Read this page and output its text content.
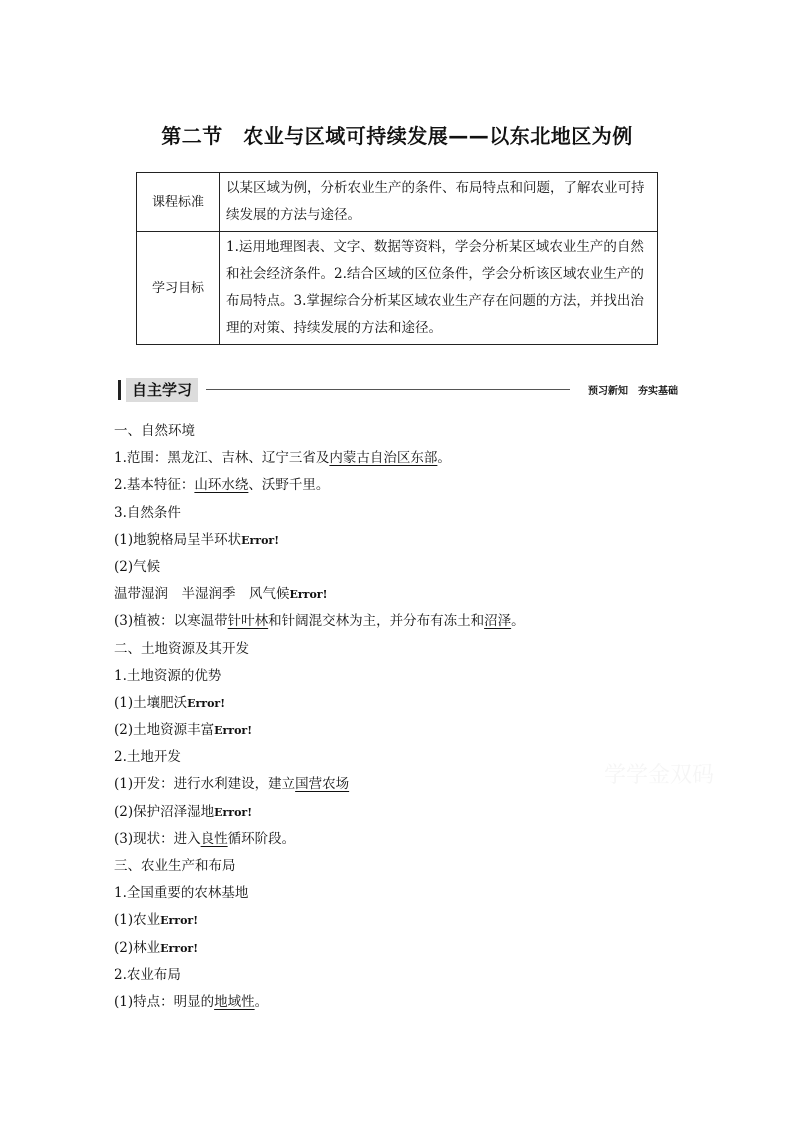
第二节　农业与区域可持续发展——以东北地区为例
课程标准	以某区域为例，分析农业生产的条件、布局特点和问题，了解农业可持续发展的方法与途径。
学习目标	1.运用地理图表、文字、数据等资料，学会分析某区域农业生产的自然和社会经济条件。2.结合区域的区位条件，学会分析该区域农业生产的布局特点。3.掌握综合分析某区域农业生产存在问题的方法，并找出治理的对策、持续发展的方法和途径。
自主学习	预习新知　夯实基础
一、自然环境
1.范围：黑龙江、吉林、辽宁三省及内蒙古自治区东部。
2.基本特征：山环水绕、沃野千里。
3.自然条件
(1)地貌格局呈半环状Error!
(2)气候
温带湿润　半湿润季　风气候Error!
(3)植被：以寒温带针叶林和针阔混交林为主，并分布有冻土和沼泽。
二、土地资源及其开发
1.土地资源的优势
(1)土壤肥沃Error!
(2)土地资源丰富Error!
2.土地开发
(1)开发：进行水利建设，建立国营农场
(2)保护沼泽湿地Error!
(3)现状：进入良性循环阶段。
三、农业生产和布局
1.全国重要的农林基地
(1)农业Error!
(2)林业Error!
2.农业布局
(1)特点：明显的地域性。
学学金双码
